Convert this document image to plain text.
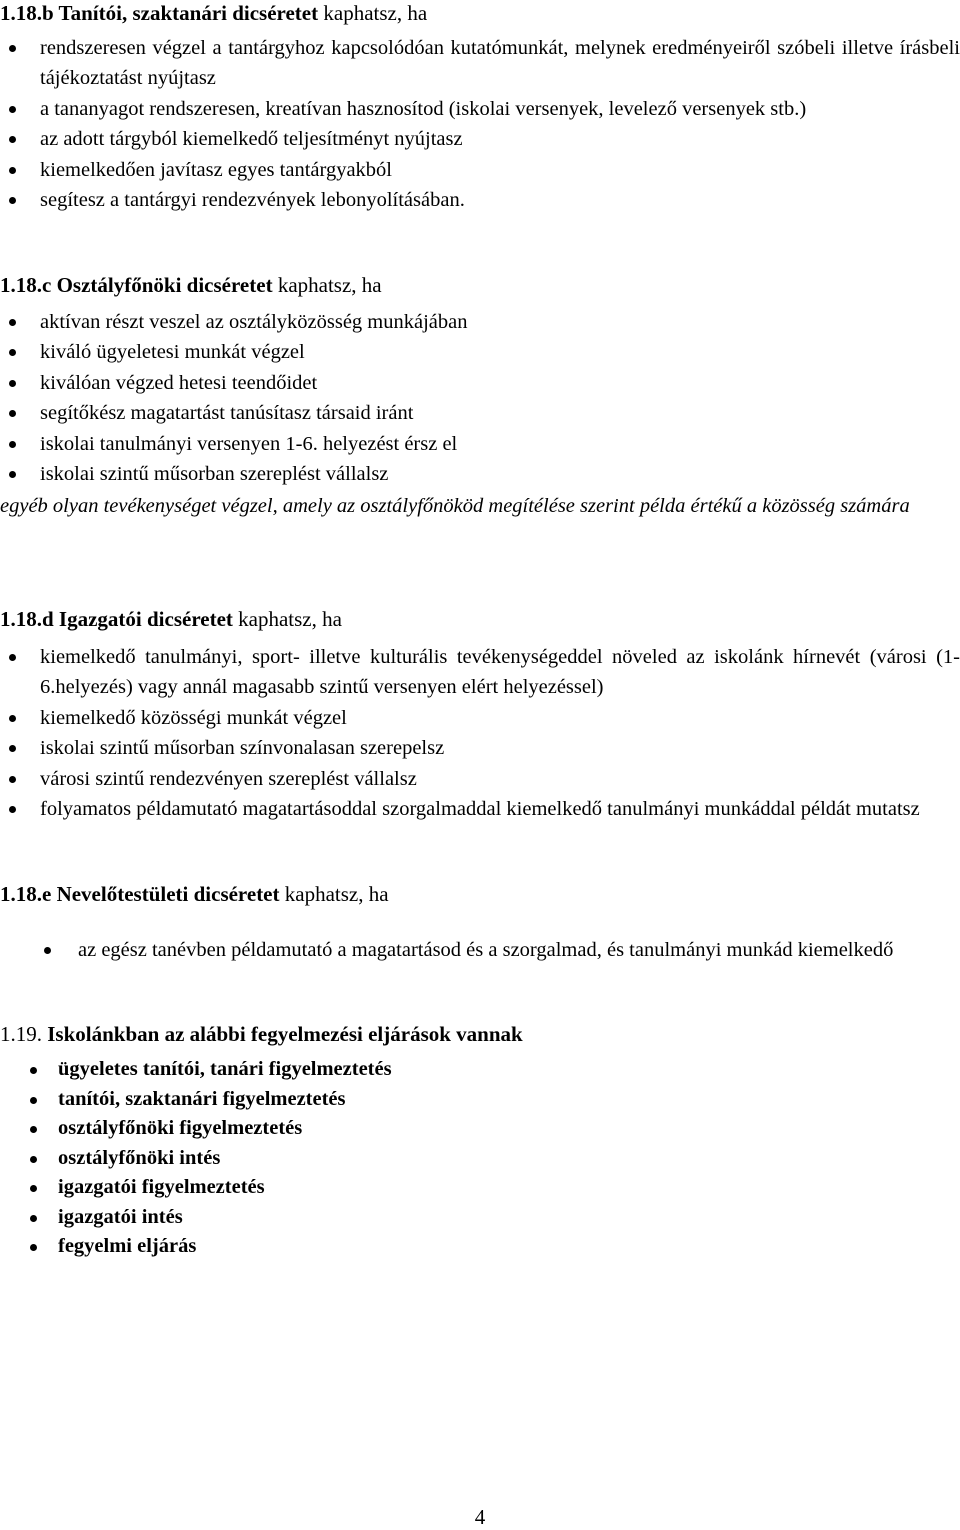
1.18.b Tanítói, szaktanári dicséretet kaphatsz, ha

rendszeresen végzel a tantárgyhoz kapcsolódóan kutatómunkát, melynek eredményeiről szóbeli illetve írásbeli tájékoztatást nyújtasz
a tananyagot rendszeresen, kreatívan hasznosítod (iskolai versenyek, levelező versenyek stb.)
az adott tárgyból kiemelkedő teljesítményt nyújtasz
kiemelkedően javítasz egyes tantárgyakból
segítesz a tantárgyi rendezvények lebonyolításában.

1.18.c Osztályfőnöki dicséretet kaphatsz, ha

aktívan részt veszel az osztályközösség munkájában
kiváló ügyeletesi munkát végzel
kiválóan végzed hetesi teendőidet
segítőkész magatartást tanúsítasz társaid iránt
iskolai tanulmányi versenyen 1-6. helyezést érsz el
iskolai szintű műsorban szereplést vállalsz

egyéb olyan tevékenységet végzel, amely az osztályfőnököd megítélése szerint példa értékű a közösség számára

1.18.d Igazgatói dicséretet kaphatsz, ha

kiemelkedő tanulmányi, sport- illetve kulturális tevékenységeddel növeled az iskolánk hírnevét (városi (1-6.helyezés) vagy annál magasabb szintű versenyen elért helyezéssel)
kiemelkedő közösségi munkát végzel
iskolai szintű műsorban színvonalasan szerepelsz
városi szintű rendezvényen szereplést vállalsz
folyamatos példamutató magatartásoddal szorgalmaddal kiemelkedő tanulmányi munkáddal példát mutatsz

1.18.e Nevelőtestületi dicséretet kaphatsz, ha

az egész tanévben példamutató a magatartásod és a szorgalmad, és tanulmányi munkád kiemelkedő

1.19. Iskolánkban az alábbi fegyelmezési eljárások vannak

ügyeletes tanítói, tanári figyelmeztetés
tanítói, szaktanári figyelmeztetés
osztályfőnöki figyelmeztetés
osztályfőnöki intés
igazgatói figyelmeztetés
igazgatói intés
fegyelmi eljárás
4
